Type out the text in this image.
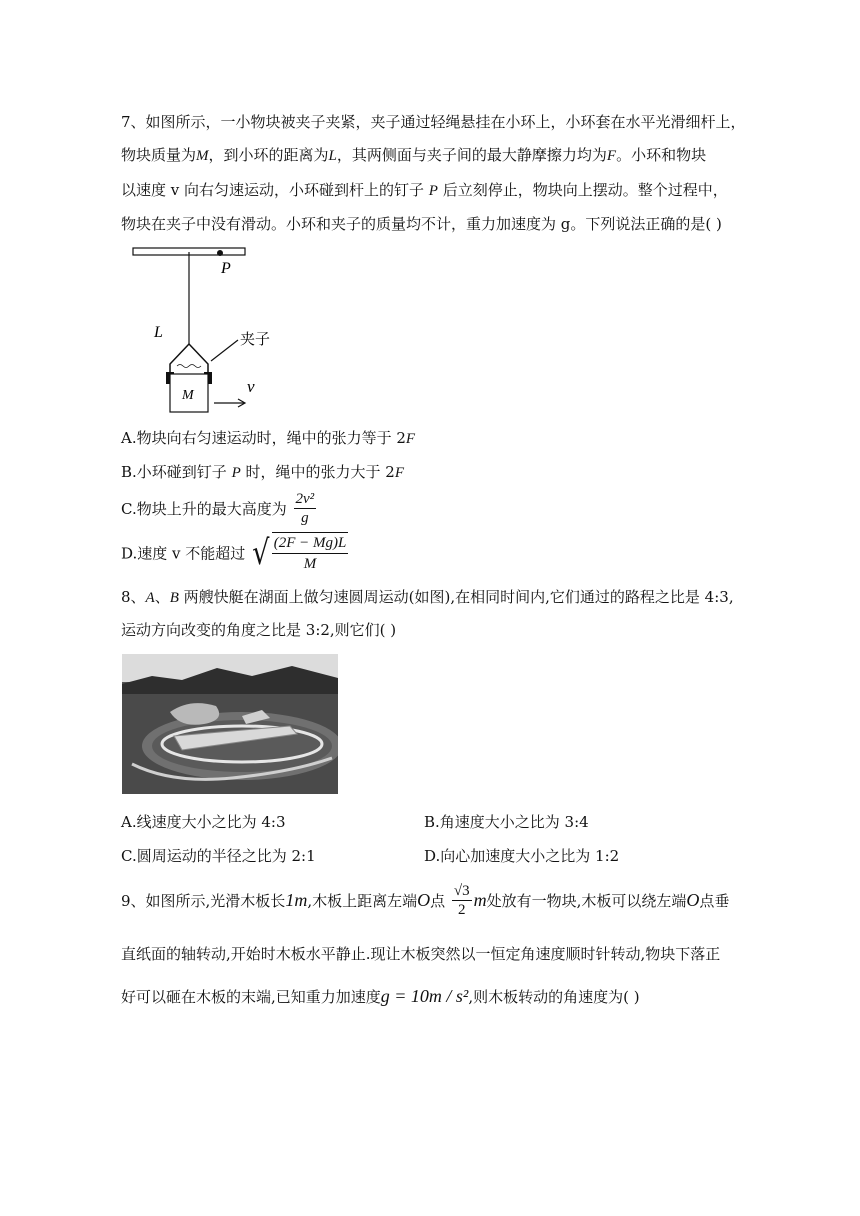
7、如图所示，一小物块被夹子夹紧，夹子通过轻绳悬挂在小环上，小环套在水平光滑细杆上，
物块质量为M，到小环的距离为L，其两侧面与夹子间的最大静摩擦力均为F。小环和物块
以速度 v 向右匀速运动，小环碰到杆上的钉子 P 后立刻停止，物块向上摆动。整个过程中，
物块在夹子中没有滑动。小环和夹子的质量均不计，重力加速度为 g。下列说法正确的是( )
P
L	夹子
M	v
A.物块向右匀速运动时，绳中的张力等于 2F
B.小环碰到钉子 P 时，绳中的张力大于 2F
C.物块上升的最大高度为 $\frac{\text{2v²}}{g}$
D.速度 v 不能超过 √ $\frac{(2F - Mg)L}{M}$
8、A、B 两艘快艇在湖面上做匀速圆周运动(如图),在相同时间内,它们通过的路程之比是 4:3,
运动方向改变的角度之比是 3:2,则它们( )
A.线速度大小之比为 4:3	B.角速度大小之比为 3:4
C.圆周运动的半径之比为 2:1	D.向心加速度大小之比为 1:2
9、如图所示,光滑木板长1m,木板上距离左端O点 $\frac{√3}{2}$ m处放有一物块,木板可以绕左端O点垂
直纸面的轴转动,开始时木板水平静止.现让木板突然以一恒定角速度顺时针转动,物块下落正
好可以砸在木板的末端,已知重力加速度g = 10m / s²,则木板转动的角速度为( )
